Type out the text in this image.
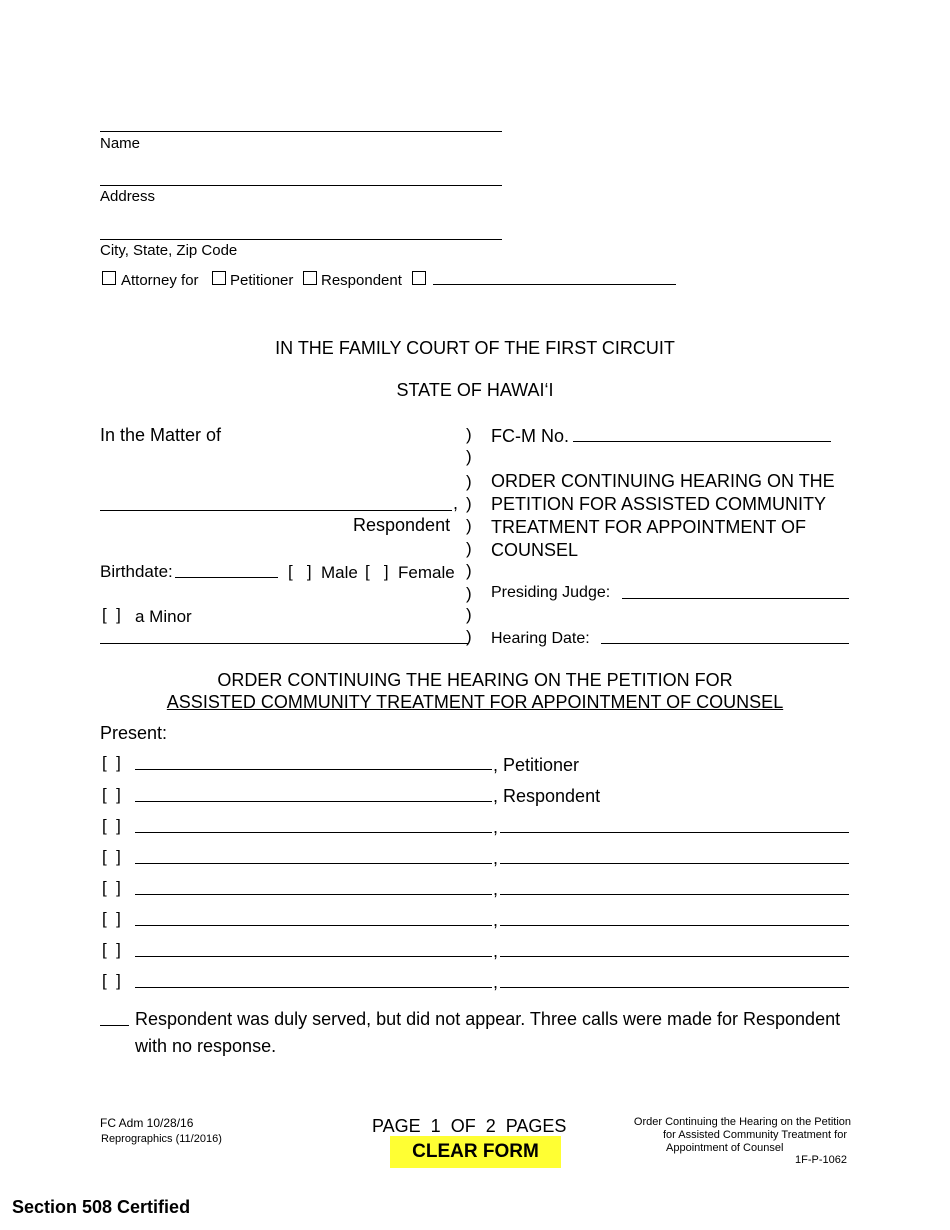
Name
Address
City, State, Zip Code
Attorney for Petitioner Respondent
IN THE FAMILY COURT OF THE FIRST CIRCUIT
STATE OF HAWAI‘I
In the Matter of
,
Respondent
Birthdate:	[   ] Male [   ] Female
[  ] a Minor
)
)
)
)
)
)
)
)
)
)
FC-M No.
ORDER CONTINUING HEARING ON THE
PETITION FOR ASSISTED COMMUNITY
TREATMENT FOR APPOINTMENT OF
COUNSEL
Presiding Judge:
Hearing Date:
ORDER CONTINUING THE HEARING ON THE PETITION FOR
ASSISTED COMMUNITY TREATMENT FOR APPOINTMENT OF COUNSEL
Present:
[  ]	, Petitioner
[  ]	, Respondent
[  ]	,
[  ]	,
[  ]	,
[  ]	,
[  ]	,
[  ]	,
Respondent was duly served, but did not appear. Three calls were made for Respondent
with no response.
FC Adm 10/28/16
Reprographics (11/2016)
PAGE  1  OF  2  PAGES
CLEAR FORM
Order Continuing the Hearing on the Petition
for Assisted Community Treatment for
Appointment of Counsel
1F-P-1062
Section 508 Certified
